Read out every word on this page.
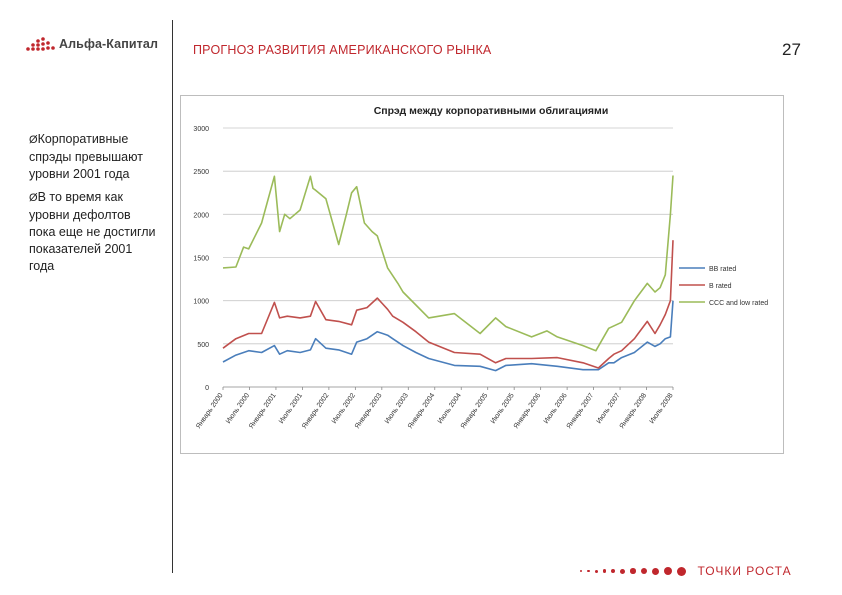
Альфа-Капитал	ПРОГНОЗ РАЗВИТИЯ АМЕРИКАНСКОГО РЫНКА	27
ØКорпоративные спрэды превышают уровни 2001 года
ØВ то время как уровни дефолтов пока еще не достигли показателей 2001 года
Спрэд между корпоративными облигациями
0
500
1000
1500
2000
2500
3000
Январь 2000 Июль 2000
Январь 2001 Июль 2001
Январь 2002 Июль 2002
Январь 2003 Июль 2003
Январь 2004 Июль 2004
Январь 2005 Июль 2005
Январь 2006 Июль 2006
Январь 2007 Июль 2007
Январь 2008 Июль 2008
BB rated
B rated
CCC and low rated
ТОЧКИ РОСТА
